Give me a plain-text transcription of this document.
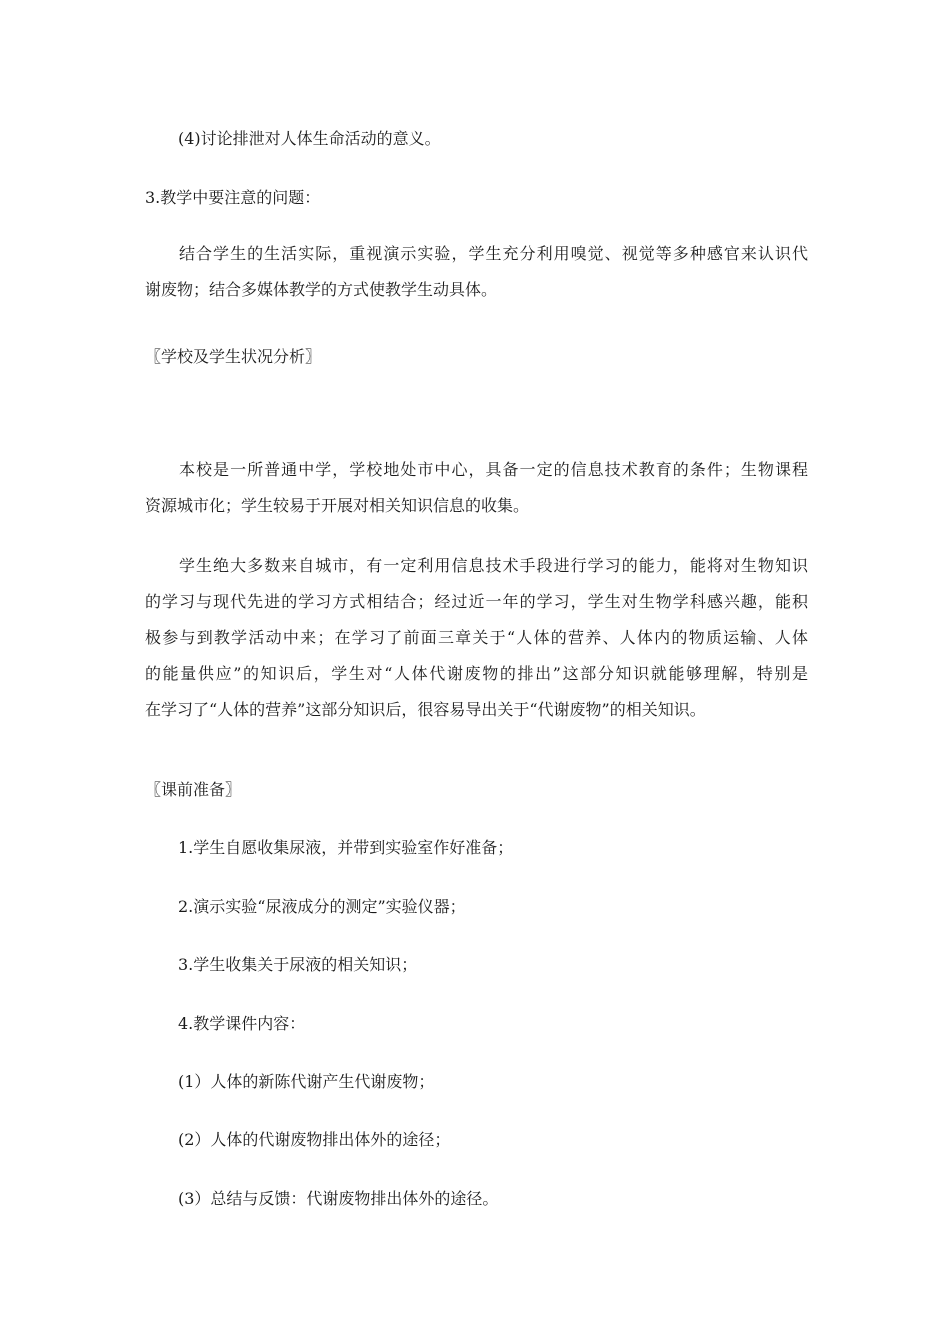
(4)讨论排泄对人体生命活动的意义。
3.教学中要注意的问题：
结合学生的生活实际，重视演示实验，学生充分利用嗅觉、视觉等多种感官来认识代
谢废物；结合多媒体教学的方式使教学生动具体。
〖学校及学生状况分析〗
本校是一所普通中学，学校地处市中心，具备一定的信息技术教育的条件；生物课程
资源城市化；学生较易于开展对相关知识信息的收集。
学生绝大多数来自城市，有一定利用信息技术手段进行学习的能力，能将对生物知识
的学习与现代先进的学习方式相结合；经过近一年的学习，学生对生物学科感兴趣，能积
极参与到教学活动中来；在学习了前面三章关于“人体的营养、人体内的物质运输、人体
的能量供应”的知识后，学生对“人体代谢废物的排出”这部分知识就能够理解，特别是
在学习了“人体的营养”这部分知识后，很容易导出关于“代谢废物”的相关知识。
〖课前准备〗
1.学生自愿收集尿液，并带到实验室作好准备；
2.演示实验“尿液成分的测定”实验仪器；
3.学生收集关于尿液的相关知识；
4.教学课件内容：
(1）人体的新陈代谢产生代谢废物；
(2）人体的代谢废物排出体外的途径；
(3）总结与反馈：代谢废物排出体外的途径。
